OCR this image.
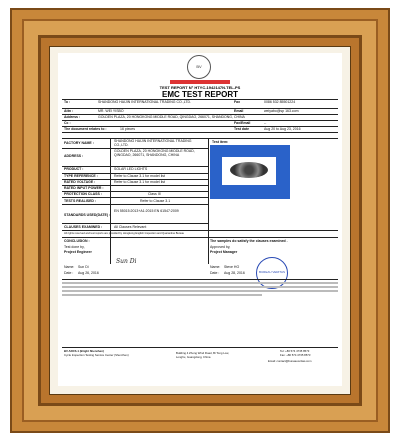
BV
TEST REPORT N° HTYC-1942147N.TEL-PS
EMC TEST REPORT
To :	SHANDONG HAIJIN INTERNATIONAL TRADING CO.,LTD.	Fax	0086 532 85501224
Attn :	MR. WEI YISBO	Email	weiyabo@sp 163.com
Address :	GOLDEN PLAZA, 20 HONGKONG MIDDLE ROAD, QINGDAO, 266071, SHANDONG, CHINA
Cc :	Fax/Email	--
The document relates to :	16 pieces	Test date	Aug 20 to Aug 23, 2016
FACTORY NAME :	SHANDONG HAIJIN INTERNATIONAL TRADING CO.,LTD.
ADDRESS :
GOLDEN PLAZA, 20 HONGKONG MIDDLE ROAD, QINGDAO, 266071, SHANDONG, CHINA
PRODUCT :	SOLAR LED LIGHTS
TYPE REFERENCE :	Refer to Clause 3.1 for model list
RATED VOLTAGE :	Refer to Clause 3.1 for model list
RATED INPUT POWER :
PROTECTION CLASS :	Class III
TESTS REALISED :	Refer to Clause 3.1
STANDARDS USED(DATE) :
EN 55015:2013+A1:2015 EN 61547:2009
CLAUSES EXAMINED :	All Clauses Relevant
Test item:
All rights reserved and test reports are provided by Hongkong English Inspection and Quarantine Bureau
CONCLUSION :	The samples do satisfy the clauses examined .
Test done by,	Approved by,
Project Engineer	Project Manager
Sun Di
Name: Sun Di
Date : Aug 26, 2016
Name: Steve HO
Date : Aug 28, 2016	BUREAU VERITAS
BV ADCS-1 (Bright Shenzhen)
Cycle Inspection Testing Service Center (Shenzhen)	Building 4 Zhong Wind Road, Bi Tong Low,
Longhu, Guangdong, China
Tel: +86 574 4735 8573
Fax: +86 574 4735 8573
Email: contact@bureauveritas.com
